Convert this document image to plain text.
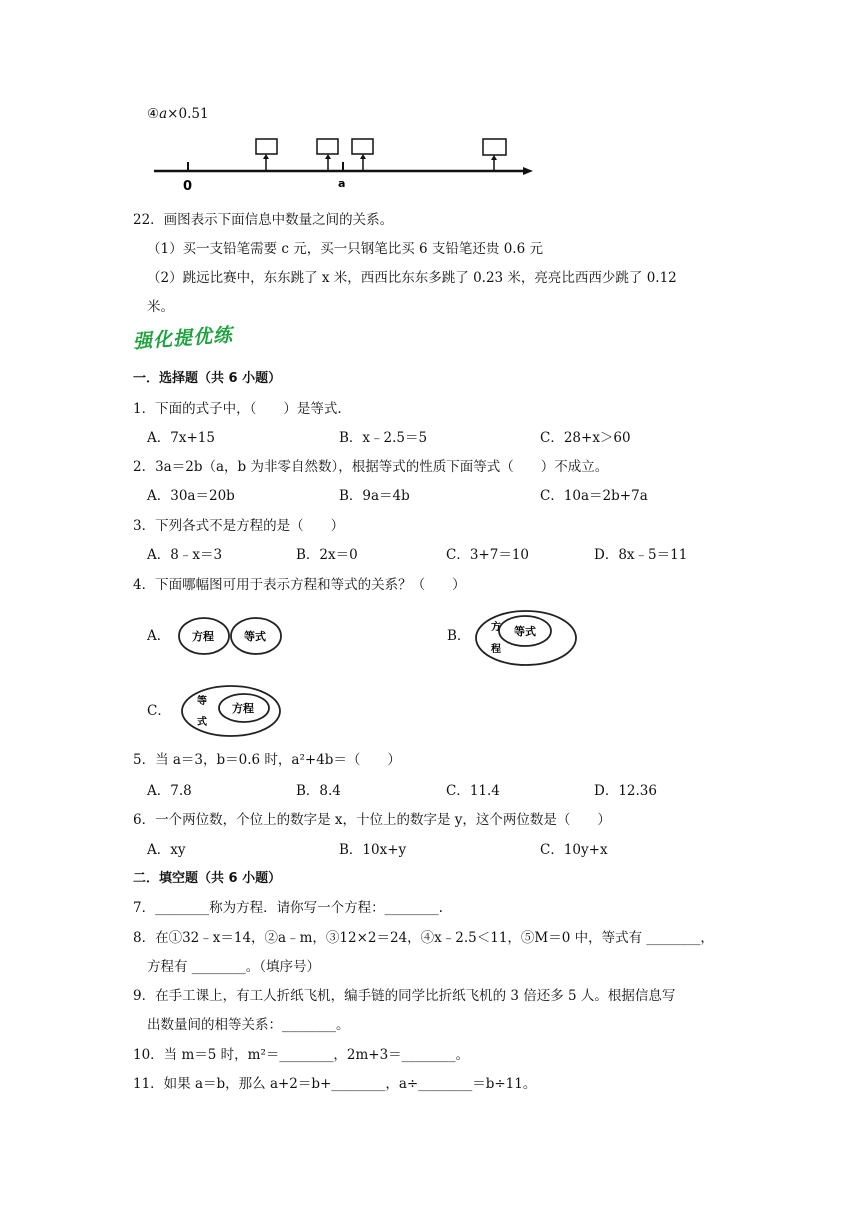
④a×0.51
0	a
22．画图表示下面信息中数量之间的关系。
（1）买一支铅笔需要 c 元，买一只钢笔比买 6 支铅笔还贵 0.6 元
（2）跳远比赛中，东东跳了 x 米，西西比东东多跳了 0.23 米，亮亮比西西少跳了 0.12
米。
强化提优练
一．选择题（共 6 小题）
1．下面的式子中，（　　）是等式.
A．7x+15	B．x﹣2.5＝5	C．28+x＞60
2．3a＝2b（a，b 为非零自然数），根据等式的性质下面等式（　　）不成立。
A．30a＝20b	B．9a＝4b	C．10a＝2b+7a
3．下列各式不是方程的是（　　）
A．8﹣x＝3	B．2x＝0	C．3+7＝10	D．8x﹣5＝11
4．下面哪幅图可用于表示方程和等式的关系？（　　）
A． 方程	等式	B．
方
程
等式
C．
等
式
方程
5．当 a＝3，b＝0.6 时，a²+4b＝（　　）
A．7.8	B．8.4	C．11.4	D．12.36
6．一个两位数，个位上的数字是 x，十位上的数字是 y，这个两位数是（　　）
A．xy	B．10x+y	C．10y+x
二．填空题（共 6 小题）
7．________称为方程．请你写一个方程：________.
8．在①32﹣x＝14，②a﹣m，③12×2＝24，④x﹣2.5＜11，⑤M＝0 中，等式有 ________，
方程有 ________。（填序号）
9．在手工课上，有工人折纸飞机，编手链的同学比折纸飞机的 3 倍还多 5 人。根据信息写
出数量间的相等关系：________。
10．当 m＝5 时，m²＝________，2m+3＝________。
11．如果 a＝b，那么 a+2＝b+________，a÷________＝b÷11。
